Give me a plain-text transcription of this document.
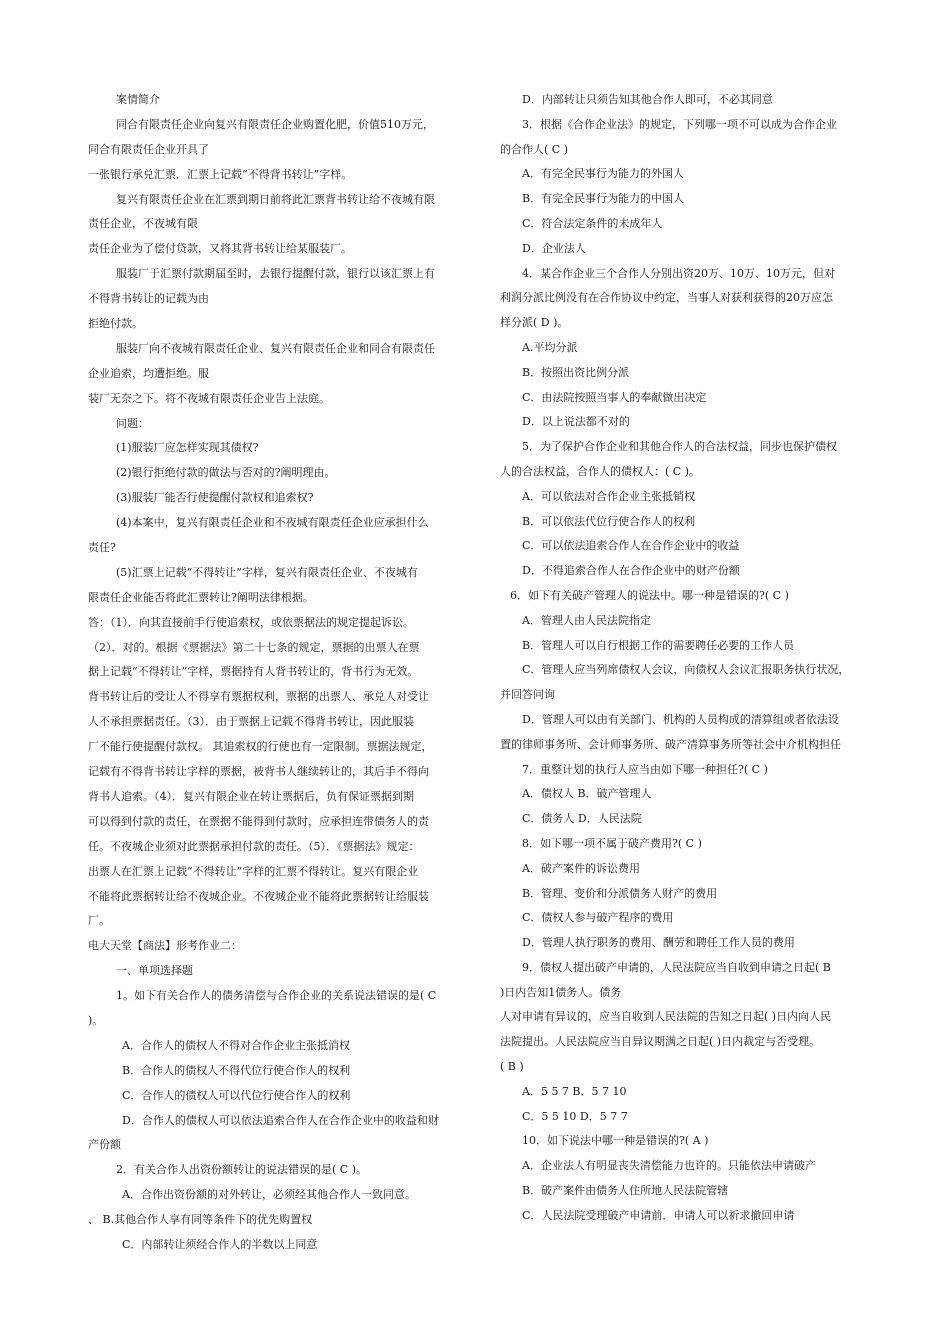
案情简介
同合有限责任企业向复兴有限责任企业购置化肥，价值510万元，
同合有限责任企业开具了
一张银行承兑汇票．汇票上记载“不得背书转让”字样。
复兴有限责任企业在汇票到期日前将此汇票背书转让给不夜城有限
责任企业，不夜城有限
责任企业为了偿付贷款，又将其背书转让给某服装厂。
服装厂于汇票付款期届至时，去银行提醒付款，银行以该汇票上有
不得背书转让的记载为由
拒绝付款。
服装厂向不夜城有限责任企业、复兴有限责任企业和同合有限责任
企业追索，均遭拒绝。服
装厂无奈之下。将不夜城有限责任企业告上法庭。
问题：
(1)服装厂应怎样实现其债权?
(2)银行拒绝付款的做法与否对的?阐明理由。
(3)服装厂能否行使提醒付款权和追索权?
(4)本案中，复兴有限责任企业和不夜城有限责任企业应承担什么
责任?
(5)汇票上记载“不得转让”字样，复兴有限责任企业、不夜城有
限责任企业能否将此汇票转让?阐明法律根据。
答：（1）．向其直接前手行使追索权，或依票据法的规定提起诉讼。
（2）．对的。根据《票据法》第二十七条的规定，票据的出票人在票
据上记载“不得转让”字样，票据持有人背书转让的，背书行为无效。
背书转让后的受让人不得享有票据权利，票据的出票人、承兑人对受让
人不承担票据责任。（3）．由于票据上记载不得背书转让，因此服装
厂不能行使提醒付款权。 其追索权的行使也有一定限制。票据法规定，
记载有不得背书转让字样的票据，被背书人继续转让的，其后手不得向
背书人追索。（4）．复兴有限企业在转让票据后，负有保证票据到期
可以得到付款的责任，在票据不能得到付款时，应承担连带债务人的责
任。不夜城企业须对此票据承担付款的责任。（5）．《票据法》规定：
出票人在汇票上记载“不得转让”字样的汇票不得转让。复兴有限企业
不能将此票据转让给不夜城企业。不夜城企业不能将此票据转让给服装
厂。
电大天堂【商法】形考作业二：
一、单项选择题
1。如下有关合作人的债务清偿与合作企业的关系说法错误的是( C
)。
A．合作人的债权人不得对合作企业主张抵消权
B．合作人的债权人不得代位行使合作人的权利
C．合作人的债权人可以代位行使合作人的权利
D．合作人的债权人可以依法追索合作人在合作企业中的收益和财
产份额
2．有关合作人出资份额转让的说法错误的是( C )。
A．合作出资份额的对外转让，必须经其他合作人一致同意。
、 B.其他合作人享有同等条件下的优先购置权
C．内部转让须经合作人的半数以上同意
D．内部转让只须告知其他合作人即可，不必其同意
3．根据《合作企业法》的规定，下列哪一项不可以成为合作企业
的合作人( C )
A．有完全民事行为能力的外国人
B．有完全民事行为能力的中国人
C．符合法定条件的未成年人
D．企业法人
4．某合作企业三个合作人分别出资20万、10万、10万元，但对
利润分派比例没有在合作协议中约定，当事人对获利获得的20万应怎
样分派( D )。
A.平均分派
B．按照出资比例分派
C．由法院按照当事人的奉献做出决定
D．以上说法都不对的
5．为了保护合作企业和其他合作人的合法权益，同步也保护债权
人的合法权益，合作人的债权人：( C )。
A．可以依法对合作企业主张抵销权
B．可以依法代位行使合作人的权利
C．可以依法追索合作人在合作企业中的收益
D．不得追索合作人在合作企业中的财产份额
6．如下有关破产管理人的说法中。哪一种是错误的?( C )
A．管理人由人民法院指定
B．管理人可以自行根据工作的需要聘任必要的工作人员
C．管理人应当列席债权人会议，向债权人会议汇报职务执行状况，
并回答问询
D．管理人可以由有关部门、机构的人员构成的清算组或者依法设
置的律师事务所、会计师事务所、破产清算事务所等社会中介机构担任
7．重整计划的执行人应当由如下哪一种担任?( C )
A．债权人 B．破产管理人
C．债务人 D．人民法院
8．如下哪一项不属于破产费用?( C )
A．破产案件的诉讼费用
B．管理、变价和分派债务人财产的费用
C．债权人参与破产程序的费用
D．管理人执行职务的费用、酬劳和聘任工作人员的费用
9．债权人提出破产申请的，人民法院应当自收到申请之日起( B
)日内告知1债务人。债务
人对申请有异议的，应当自收到人民法院的告知之日起( )日内向人民
法院提出。人民法院应当自异议期满之日起( )日内裁定与否受理。
( B )
A．5 5 7 B．5 7 10
C．5 5 10 D．5 7 7
10．如下说法中哪一种是错误的?( A )
A．企业法人有明显丧失清偿能力也许的。只能依法申请破产
B．破产案件由债务人住所地人民法院管辖
C．人民法院受理破产申请前．申请人可以祈求撤回申请
